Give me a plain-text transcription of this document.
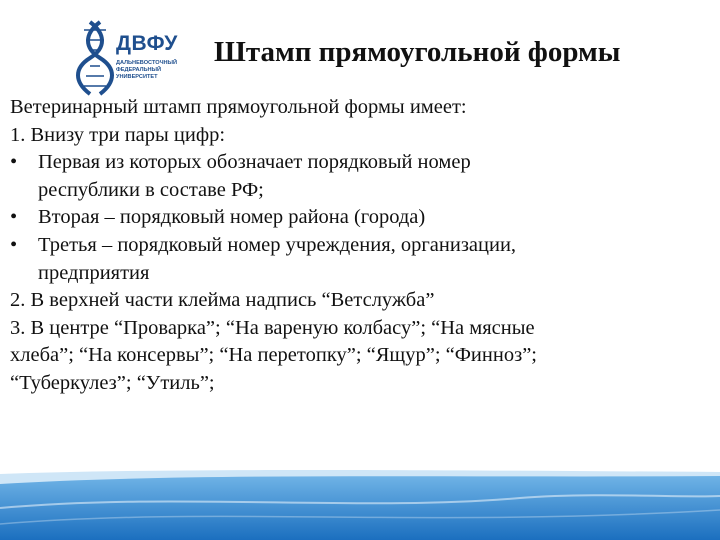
ДВФУ
ДАЛЬНЕВОСТОЧНЫЙ
ФЕДЕРАЛЬНЫЙ
УНИВЕРСИТЕТ
Штамп прямоугольной формы

Ветеринарный штамп прямоугольной формы имеет:

1. Внизу три пары цифр:

• Первая из которых обозначает порядковый номер
республики в составе РФ;
• Вторая – порядковый номер района (города)
• Третья – порядковый номер учреждения, организации,
предприятия

2. В верхней части клейма надпись “Ветслужба”

3. В центре “Проварка”; “На вареную колбасу”; “На мясные
хлеба”; “На консервы”; “На перетопку”; “Ящур”; “Финноз”;
“Туберкулез”; “Утиль”;
